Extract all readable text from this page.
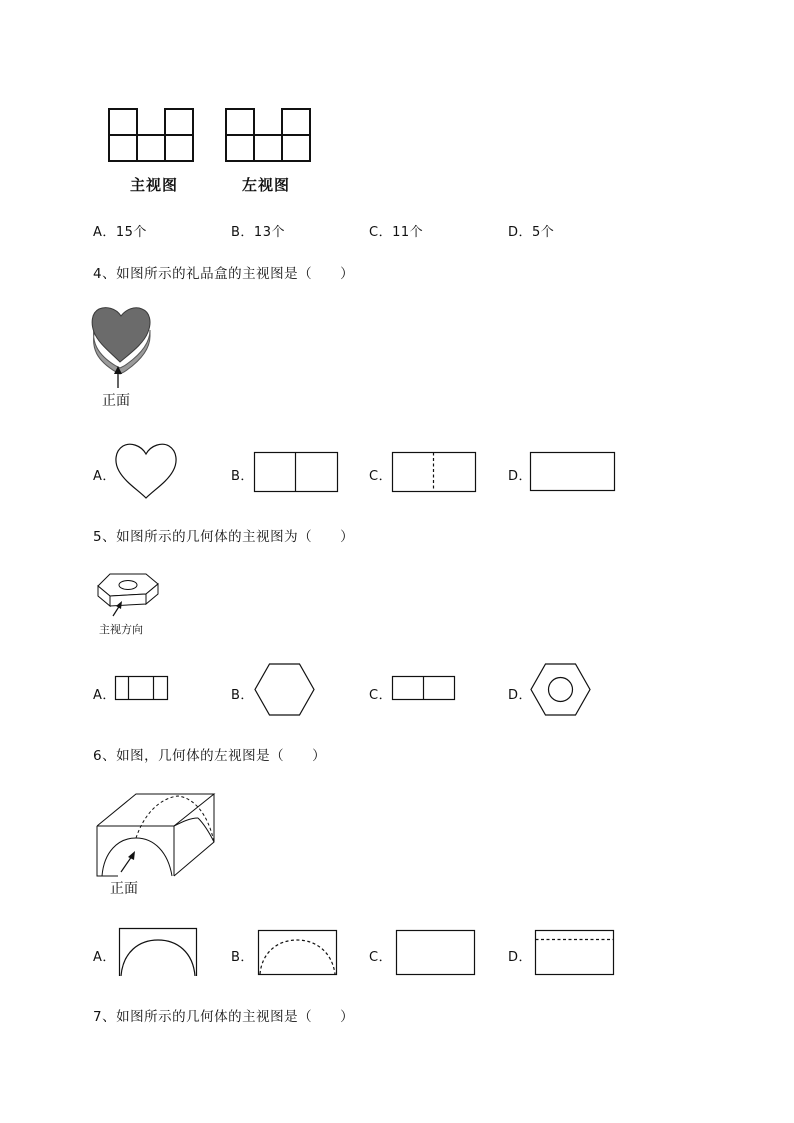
主视图	左视图
A．15个	B．13个	C．11个	D．5个
4、如图所示的礼品盒的主视图是（　　）
正面
A．	B．	C．	D．
5、如图所示的几何体的主视图为（　　）
主视方向
A．	B．	C．	D．
6、如图，几何体的左视图是（　　）
正面
A．	B．	C．	D．
7、如图所示的几何体的主视图是（　　）
